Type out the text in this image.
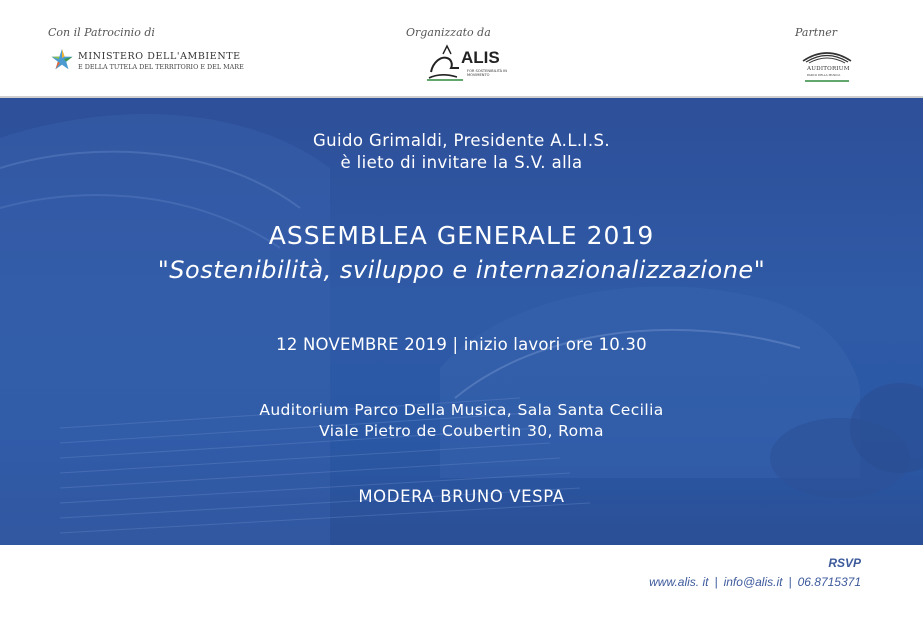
Con il Patrocinio di	Organizzato da	Partner
MINISTERO DELL'AMBIENTE
E DELLA TUTELA DEL TERRITORIO E DEL MARE	ALIS
FOR SOSTENIBILITÀ IN MOVIMENTO
AUDITORIUM
PARCO DELLA MUSICA
Guido Grimaldi, Presidente A.L.I.S.
è lieto di invitare la S.V. alla
ASSEMBLEA GENERALE 2019
"Sostenibilità, sviluppo e internazionalizzazione"
12 NOVEMBRE 2019 | inizio lavori ore 10.30
Auditorium Parco Della Musica, Sala Santa Cecilia
Viale Pietro de Coubertin 30, Roma
MODERA BRUNO VESPA
RSVP
www.alis. it | info@alis.it | 06.8715371
